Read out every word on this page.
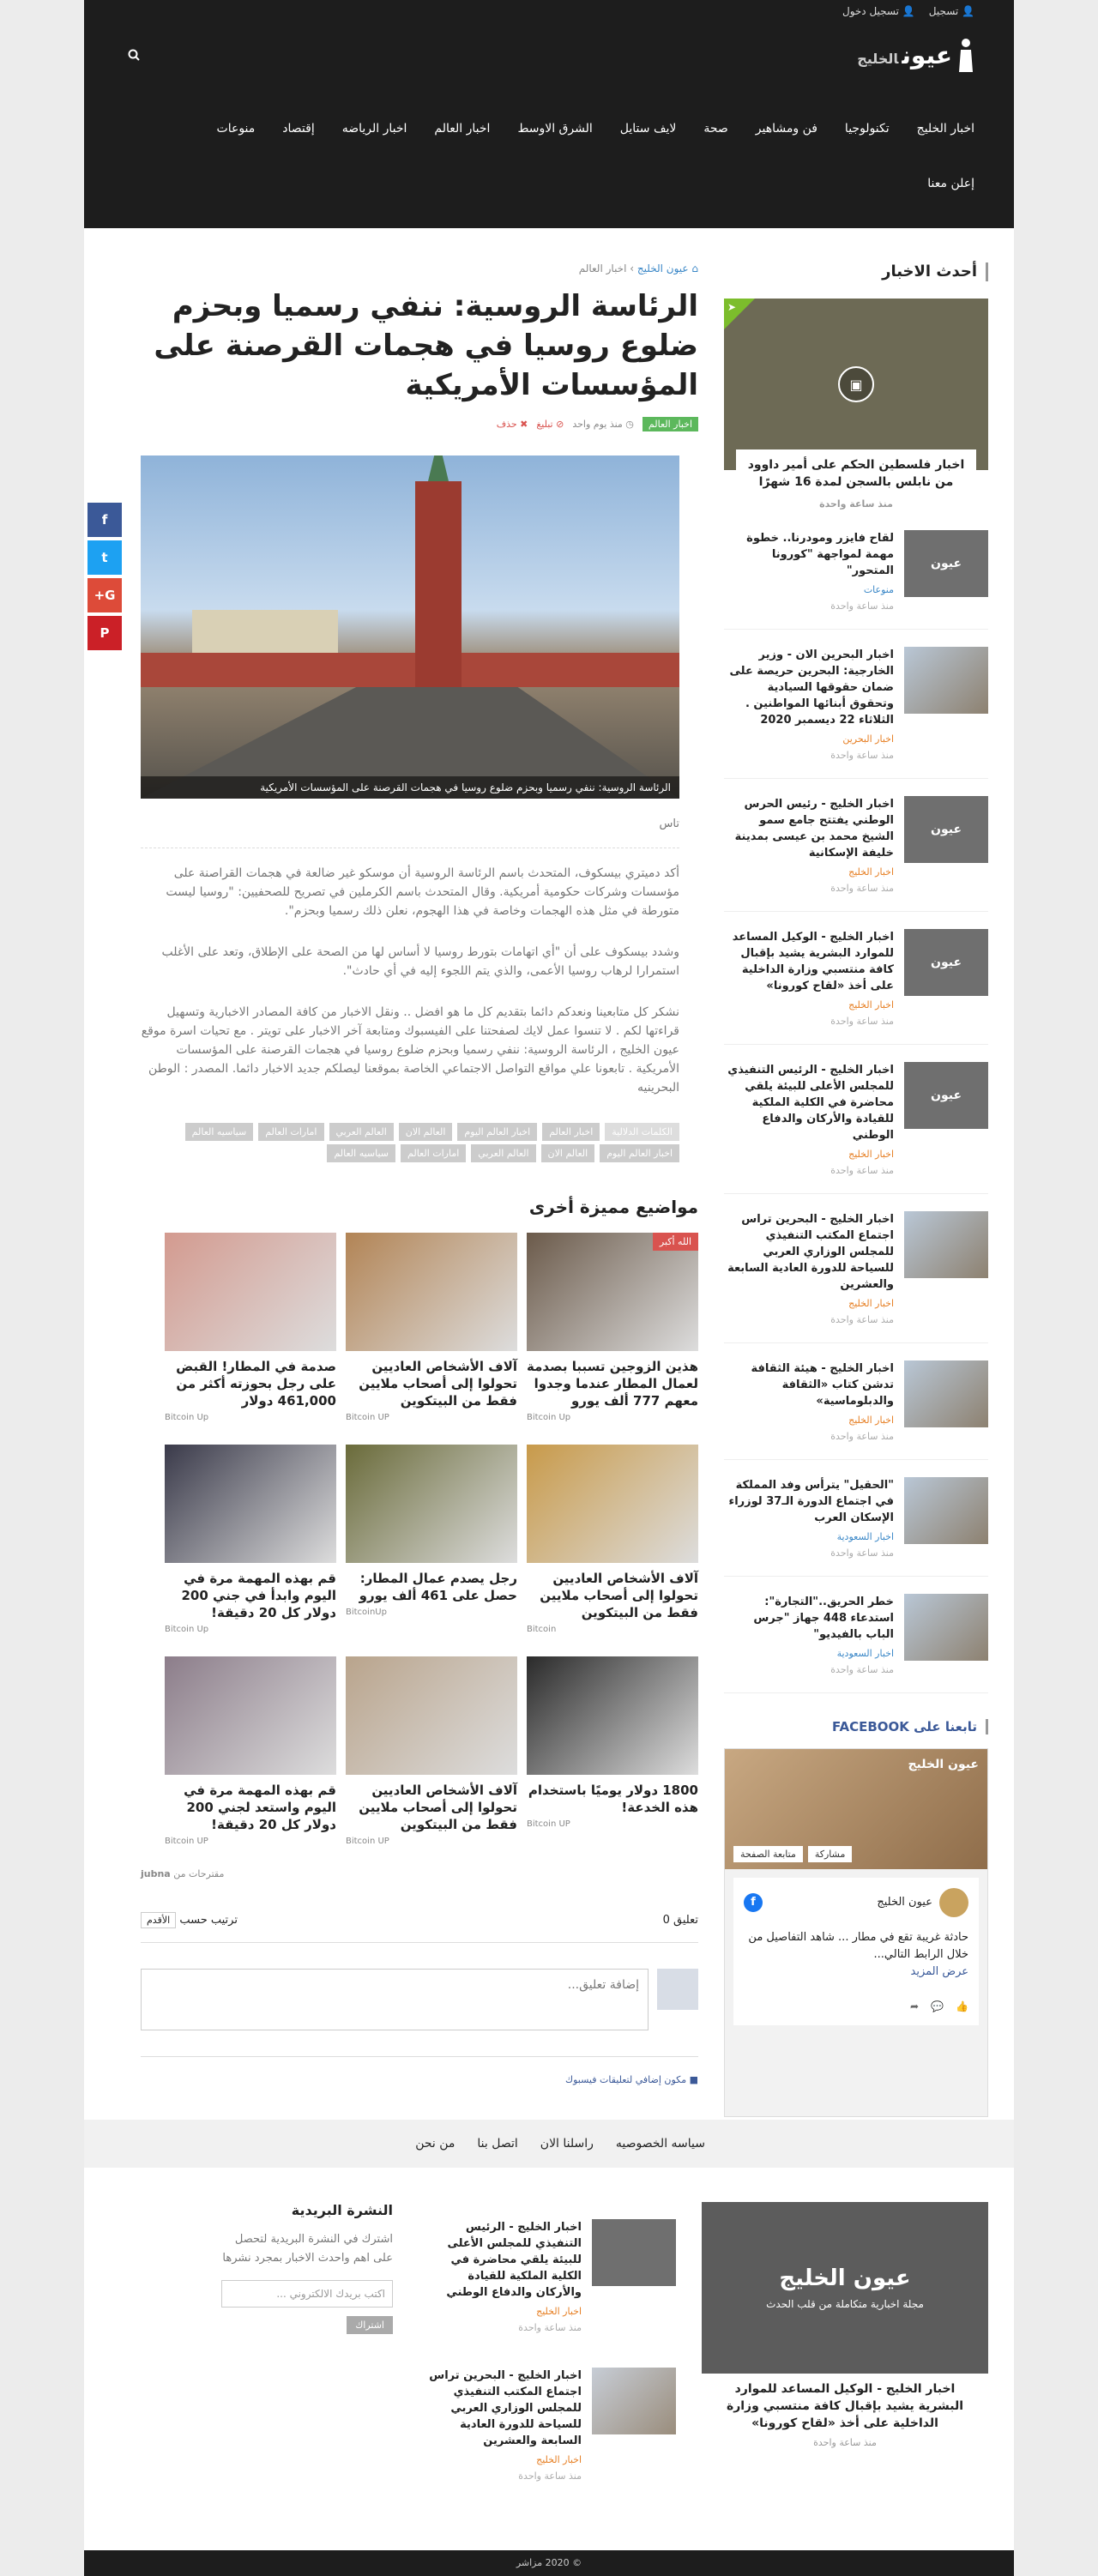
👤 تسجيل
👤 تسجيل دخول
عيونالخليج
اخبار الخليج
تكنولوجيا
فن ومشاهير
صحة
لايف ستايل
الشرق الاوسط
اخبار العالم
اخبار الرياضه
إقتصاد
منوعات
إعلن معنا
أحدث الاخبار
➤
▣
اخبار فلسطين الحكم على أمير داوود من نابلس بالسجن لمدة 16 شهرًا
منذ ساعة واحدة
عيون
لقاح فايزر ومودرنا.. خطوة مهمة لمواجهة "كورونا المتحور"
منوعات
منذ ساعة واحدة
اخبار البحرين الان - وزير الخارجية: البحرين حريصة على ضمان حقوقها السيادية وتحقوق أبنائها المواطنين . الثلاثاء 22 ديسمبر 2020
اخبار البحرين
منذ ساعة واحدة
عيون
اخبار الخليج - رئيس الحرس الوطني يفتتح جامع سمو الشيخ محمد بن عيسى بمدينة خليفة الإسكانية
اخبار الخليج
منذ ساعة واحدة
عيون
اخبار الخليج - الوكيل المساعد للموارد البشرية يشيد بإقبال كافة منتسبي وزارة الداخلية على أخذ «لقاح كورونا»
اخبار الخليج
منذ ساعة واحدة
عيون
اخبار الخليج - الرئيس التنفيذي للمجلس الأعلى للبيئة يلقي محاضرة في الكلية الملكية للقيادة والأركان والدفاع الوطني
اخبار الخليج
منذ ساعة واحدة
اخبار الخليج - البحرين تراس اجتماع المكتب التنفيذي للمجلس الوزاري العربي للسياحة للدورة العادية السابعة والعشرين
اخبار الخليج
منذ ساعة واحدة
اخبار الخليج - هيئة الثقافة تدشن كتاب «الثقافة والدبلوماسية»
اخبار الخليج
منذ ساعة واحدة
"الحقيل" يترأس وفد المملكة في اجتماع الدورة الـ37 لوزراء الإسكان العرب
اخبار السعودية
منذ ساعة واحدة
خطر الحريق.."التجارة": استدعاء 448 جهاز "جرس الباب بالفيديو"
اخبار السعودية
منذ ساعة واحدة
تابعنا على FACEBOOK
عيون الخليج
مشاركة
متابعة الصفحة
عيون الخليج
f
حادثة غريبة تقع في مطار ... شاهد التفاصيل من خلال الرابط التالي...
عرض المزيد
👍
💬
➦
⌂ عيون الخليج › اخبار العالم
الرئاسة الروسية: ننفي رسميا وبحزم ضلوع روسيا في هجمات القرصنة على المؤسسات الأمريكية
اخبار العالم
◷ منذ يوم واحد
⊘ تبليغ
✖ حذف
f
t
G+
P
الرئاسة الروسية: ننفي رسميا وبحزم ضلوع روسيا في هجمات القرصنة على المؤسسات الأمريكية
تاس

أكد دميتري بيسكوف، المتحدث باسم الرئاسة الروسية أن موسكو غير ضالعة في هجمات القراصنة على مؤسسات وشركات حكومية أمريكية. وقال المتحدث باسم الكرملين في تصريح للصحفيين: "روسيا ليست متورطة في مثل هذه الهجمات وخاصة في هذا الهجوم، نعلن ذلك رسميا وبحزم".

وشدد بيسكوف على أن "أي اتهامات بتورط روسيا لا أساس لها من الصحة على الإطلاق، وتعد على الأغلب استمرارا لرهاب روسيا الأعمى، والذي يتم اللجوء إليه في أي حادث".

نشكر كل متابعينا ونعدكم دائما بتقديم كل ما هو افضل .. ونقل الاخبار من كافة المصادر الاخبارية وتسهيل قراءتها لكم . لا تنسوا عمل لايك لصفحتنا على الفيسبوك ومتابعة آخر الاخبار على تويتر . مع تحيات اسرة موقع عيون الخليج ، الرئاسة الروسية: ننفي رسميا وبحزم ضلوع روسيا في هجمات القرصنة على المؤسسات الأمريكية . تابعونا علي مواقع التواصل الاجتماعي الخاصة بموقعنا ليصلكم جديد الاخبار دائما. المصدر : الوطن البحرينيه

الكلمات الدلالية
اخبار العالم
اخبار العالم اليوم
العالم الان
العالم العربي
امارات العالم
سياسيه العالم
اخبار العالم اليوم
العالم الان
العالم العربي
امارات العالم
سياسيه العالم
مواضيع مميزة أخرى
الله أكبر
هذين الزوجين تسببا بصدمة لعمال المطار عندما وجدوا معهم 777 ألف يورو
Bitcoin Up
آلاف الأشخاص العاديين تحولوا إلى أصحاب ملايين فقط من البيتكوين
Bitcoin UP
صدمة في المطار! القبض على رجل بحوزته أكثر من 461,000 دولار
Bitcoin Up
آلاف الأشخاص العاديين تحولوا إلى أصحاب ملايين فقط من البيتكوين
Bitcoin
رجل يصدم عمال المطار: حصل على 461 ألف يورو
BitcoinUp
قم بهذه المهمة مرة في اليوم وابدأ في جني 200 دولار كل 20 دقيقة!
Bitcoin Up
1800 دولار يوميًا باستخدام هذه الخدعة!
Bitcoin UP
آلاف الأشخاص العاديين تحولوا إلى أصحاب ملايين فقط من البيتكوين
Bitcoin UP
قم بهذه المهمة مرة في اليوم واستعد لجني 200 دولار كل 20 دقيقة!
Bitcoin UP
مقترحات من jubna
تعليق 0
ترتيب حسب الأقدم
إضافة تعليق...
■ مكون إضافي لتعليقات فيسبوك
سياسه الخصوصيه
راسلنا الان
اتصل بنا
من نحن
عيون الخليج
مجلة اخبارية متكاملة من قلب الحدث
اخبار الخليج - الوكيل المساعد للموارد البشرية يشيد بإقبال كافة منتسبي وزارة الداخلية على أخذ «لقاح كورونا»
منذ ساعة واحدة
اخبار الخليج - الرئيس التنفيذي للمجلس الأعلى للبيئة يلقي محاضرة في الكلية الملكية للقيادة والأركان والدفاع الوطني
اخبار الخليج
منذ ساعة واحدة
اخبار الخليج - البحرين تراس اجتماع المكتب التنفيذي للمجلس الوزاري العربي للسياحة للدورة العادية السابعة والعشرين
اخبار الخليج
منذ ساعة واحدة
النشرة البريدية

اشترك في النشرة البريدية لتحصل على اهم واحدث الاخبار بمجرد نشرها

اكتب بريدك الالكتروني ...
اشتراك
© 2020 مزاشر
